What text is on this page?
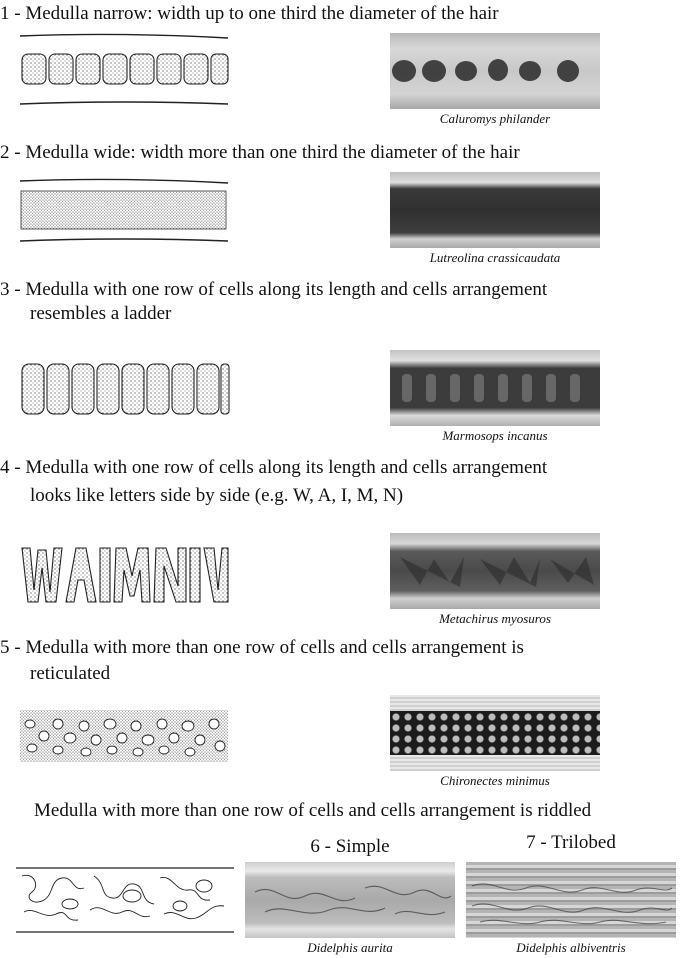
1 - Medulla narrow: width up to one third the diameter of the hair
Caluromys philander
2 - Medulla wide: width more than one third the diameter of the hair
Lutreolina crassicaudata
3 - Medulla with one row of cells along its length and cells arrangement
resembles a ladder
Marmosops incanus
4 - Medulla with one row of cells along its length and cells arrangement
looks like letters side by side (e.g. W, A, I, M, N)
Metachirus myosuros
5 - Medulla with more than one row of cells and cells arrangement is
reticulated
Chironectes minimus
Medulla with more than one row of cells and cells arrangement is riddled
6 - Simple	7 - Trilobed
Didelphis aurita	Didelphis albiventris
